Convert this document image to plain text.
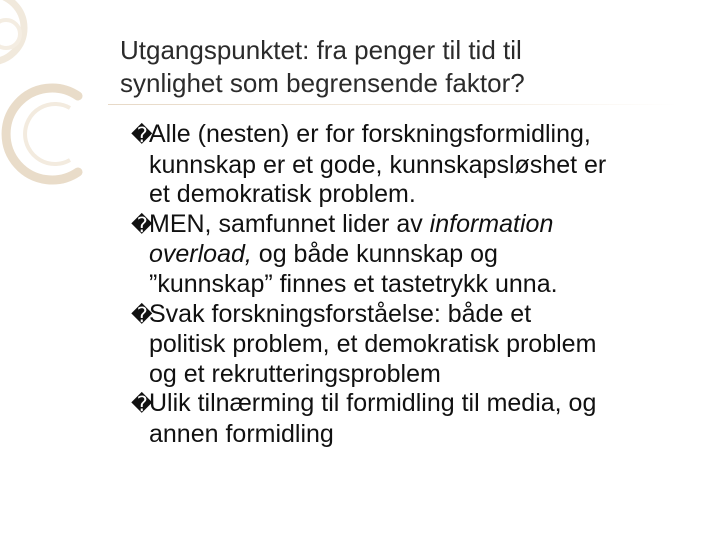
Utgangspunktet: fra penger til tid til
synlighet som begrensende faktor?
�Alle (nesten) er for forskningsformidling,
kunnskap er et gode, kunnskapsløshet er
et demokratisk problem.
�MEN, samfunnet lider av information
overload, og både kunnskap og
”kunnskap” finnes et tastetrykk unna.
�Svak forskningsforståelse: både et
politisk problem, et demokratisk problem
og et rekrutteringsproblem
�Ulik tilnærming til formidling til media, og
annen formidling
